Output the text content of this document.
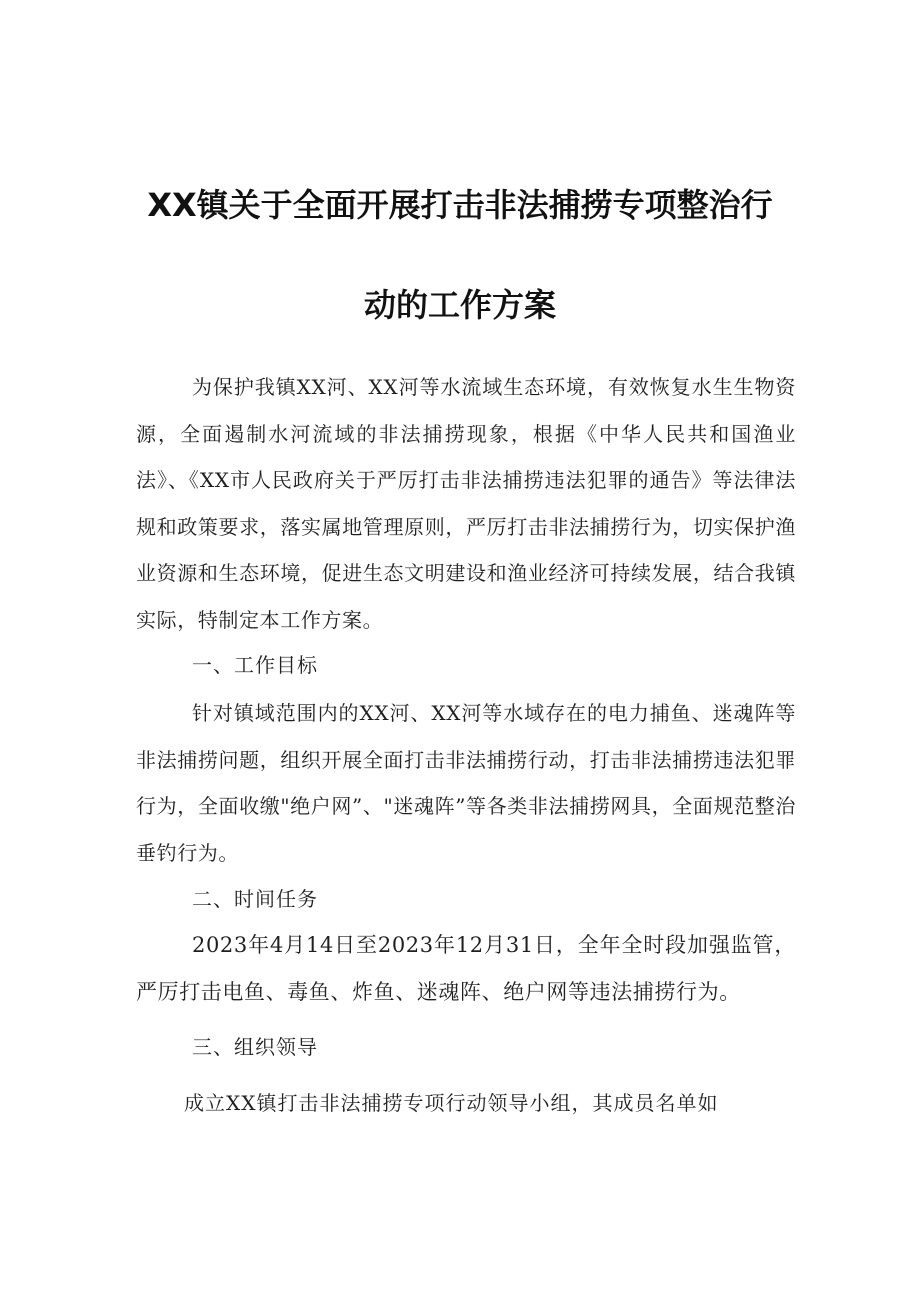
XX镇关于全面开展打击非法捕捞专项整治行
动的工作方案

为保护我镇XX河、XX河等水流域生态环境，有效恢复水生生物资源，全面遏制水河流域的非法捕捞现象，根据《中华人民共和国渔业法》、《XX市人民政府关于严厉打击非法捕捞违法犯罪的通告》等法律法规和政策要求，落实属地管理原则，严厉打击非法捕捞行为，切实保护渔业资源和生态环境，促进生态文明建设和渔业经济可持续发展，结合我镇实际，特制定本工作方案。

一、工作目标

针对镇域范围内的XX河、XX河等水域存在的电力捕鱼、迷魂阵等非法捕捞问题，组织开展全面打击非法捕捞行动，打击非法捕捞违法犯罪行为，全面收缴"绝户网”、"迷魂阵”等各类非法捕捞网具，全面规范整治垂钓行为。

二、时间任务

2023年4月14日至2023年12月31日，全年全时段加强监管，严厉打击电鱼、毒鱼、炸鱼、迷魂阵、绝户网等违法捕捞行为。

三、组织领导

成立XX镇打击非法捕捞专项行动领导小组，其成员名单如
